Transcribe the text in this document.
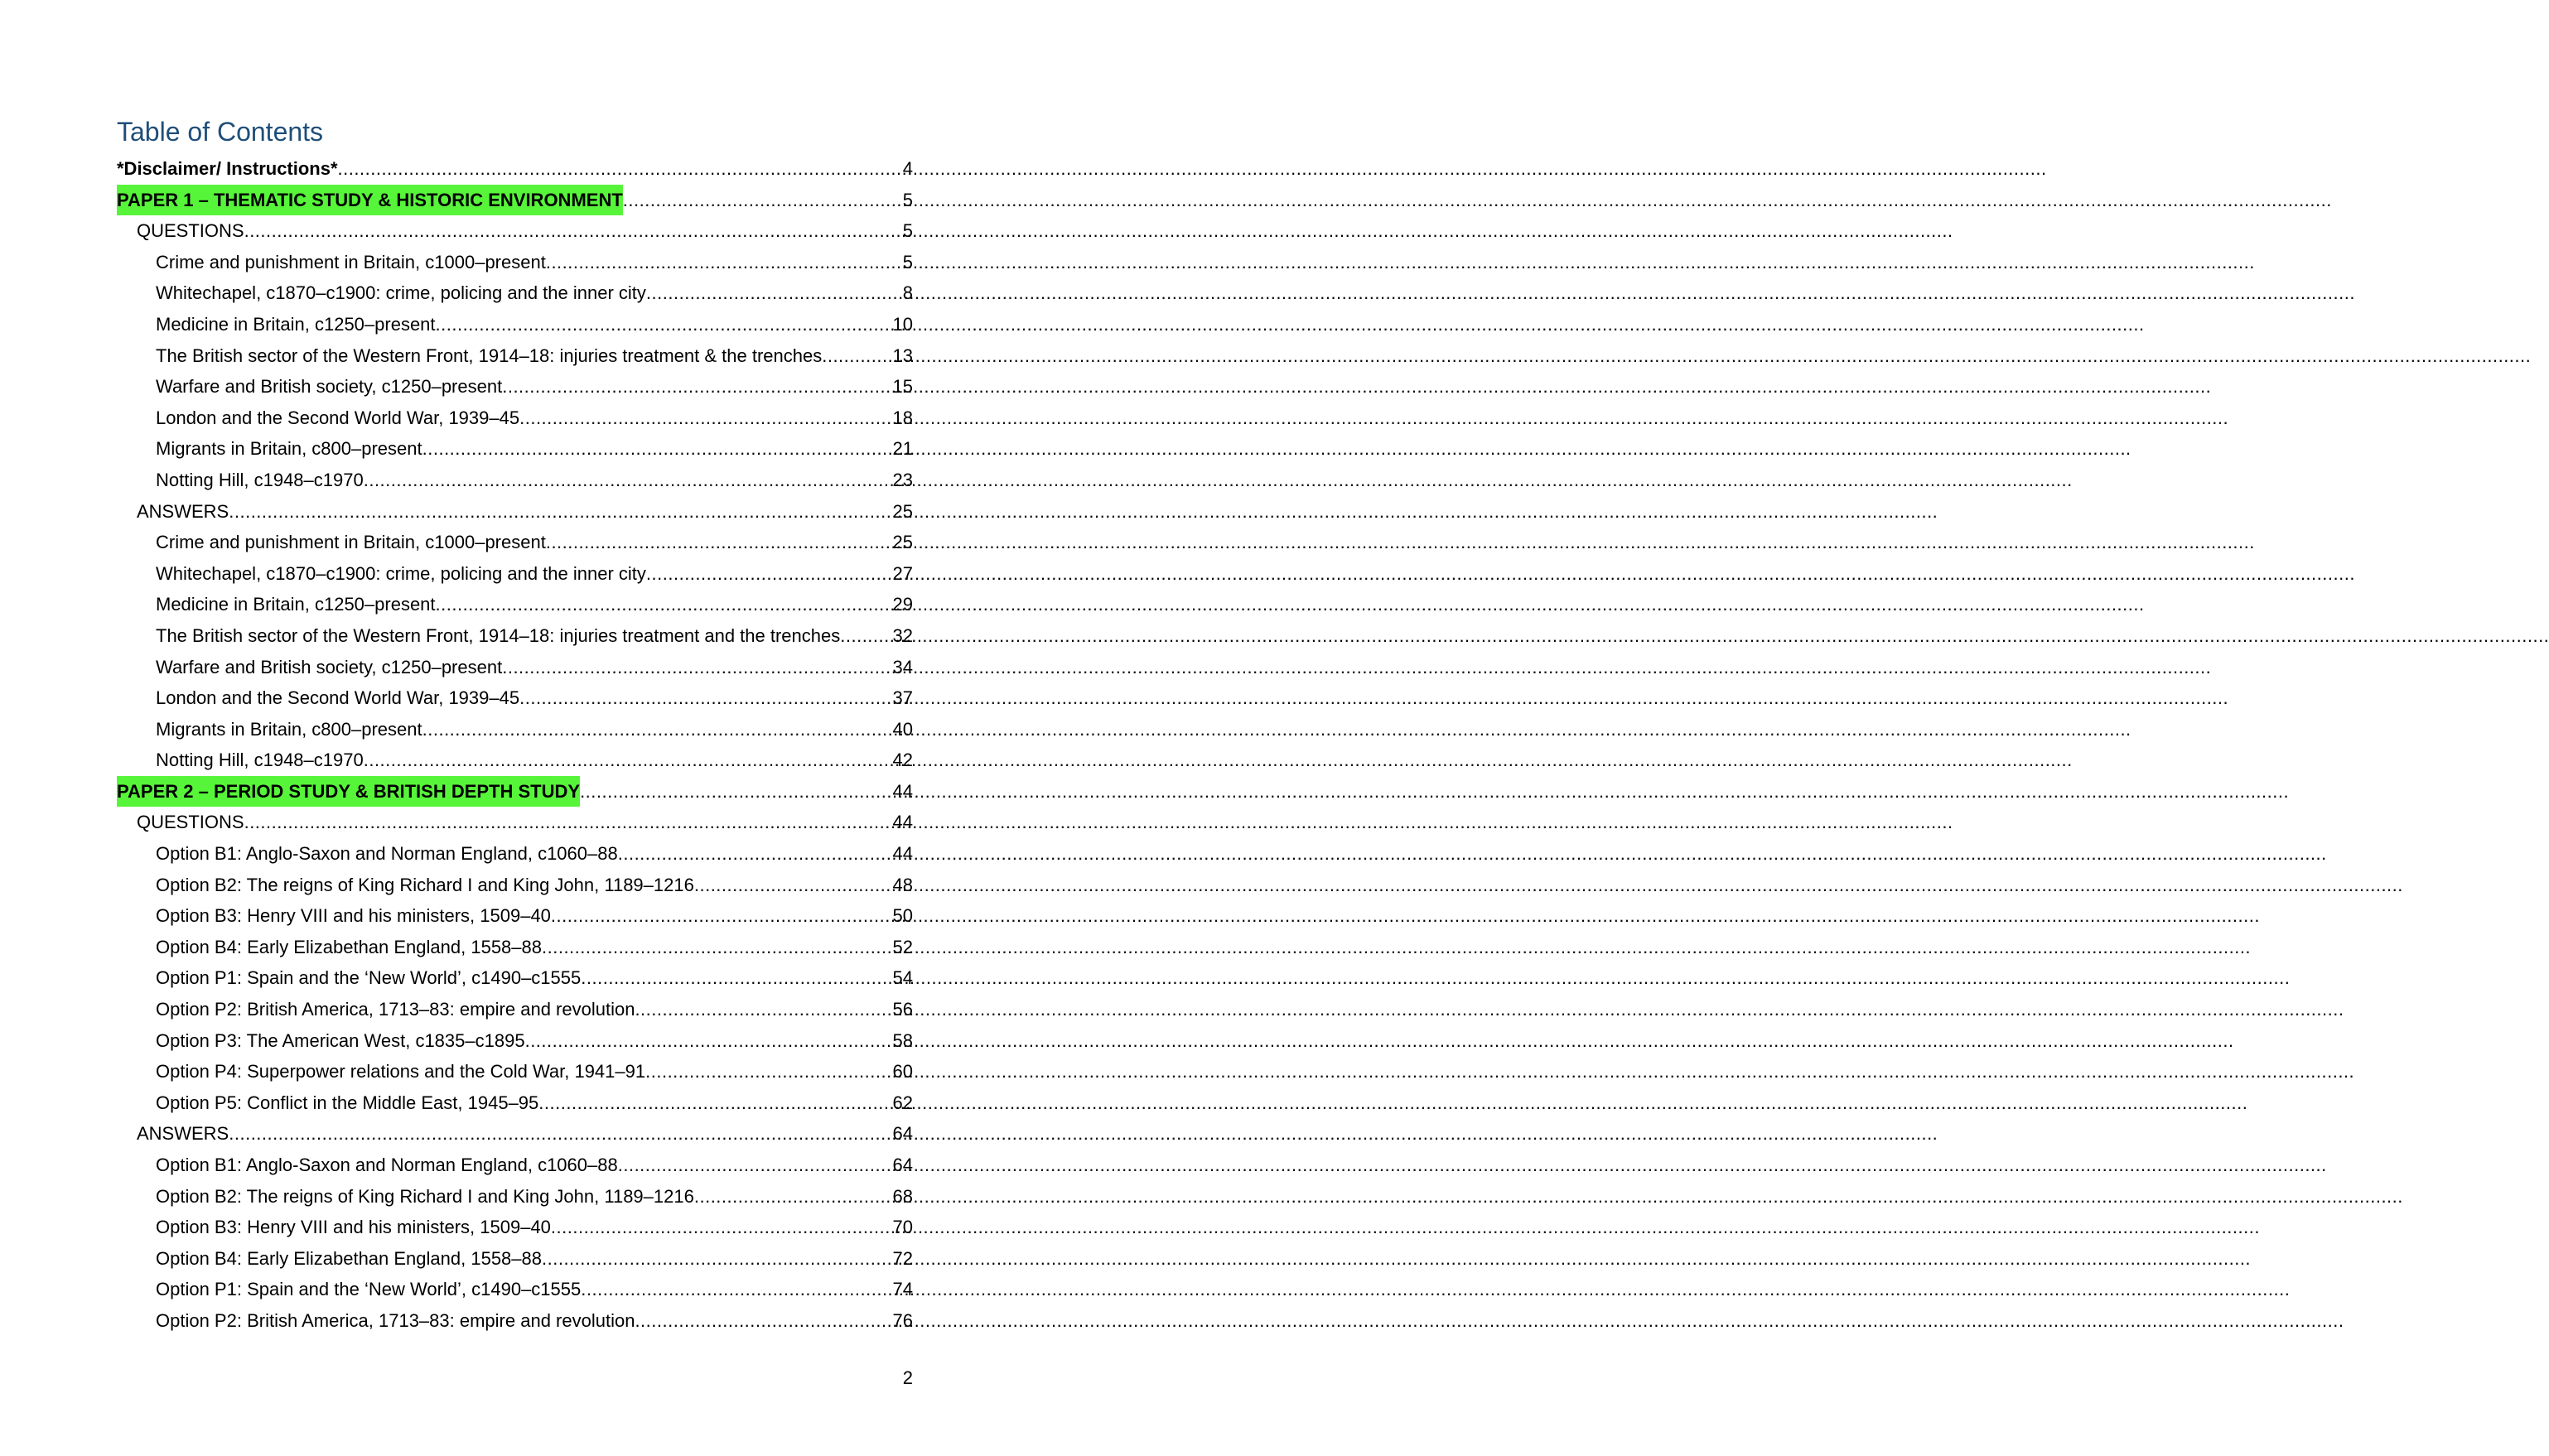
Table of Contents
*Disclaimer/ Instructions* .....	4
PAPER 1 – THEMATIC STUDY & HISTORIC ENVIRONMENT .....	5
QUESTIONS .....	5
Crime and punishment in Britain, c1000–present .....	5
Whitechapel, c1870–c1900: crime, policing and the inner city .....	8
Medicine in Britain, c1250–present .....	10
The British sector of the Western Front, 1914–18: injuries treatment & the trenches .....	13
Warfare and British society, c1250–present .....	15
London and the Second World War, 1939–45 .....	18
Migrants in Britain, c800–present .....	21
Notting Hill, c1948–c1970 .....	23
ANSWERS .....	25
Crime and punishment in Britain, c1000–present .....	25
Whitechapel, c1870–c1900: crime, policing and the inner city .....	27
Medicine in Britain, c1250–present .....	29
The British sector of the Western Front, 1914–18: injuries treatment and the trenches .....	32
Warfare and British society, c1250–present .....	34
London and the Second World War, 1939–45 .....	37
Migrants in Britain, c800–present .....	40
Notting Hill, c1948–c1970 .....	42
PAPER 2 – PERIOD STUDY & BRITISH DEPTH STUDY .....	44
QUESTIONS .....	44
Option B1: Anglo-Saxon and Norman England, c1060–88 .....	44
Option B2: The reigns of King Richard I and King John, 1189–1216 .....	48
Option B3: Henry VIII and his ministers, 1509–40 .....	50
Option B4: Early Elizabethan England, 1558–88 .....	52
Option P1: Spain and the ‘New World’, c1490–c1555 .....	54
Option P2: British America, 1713–83: empire and revolution .....	56
Option P3: The American West, c1835–c1895 .....	58
Option P4: Superpower relations and the Cold War, 1941–91 .....	60
Option P5: Conflict in the Middle East, 1945–95 .....	62
ANSWERS .....	64
Option B1: Anglo-Saxon and Norman England, c1060–88 .....	64
Option B2: The reigns of King Richard I and King John, 1189–1216 .....	68
Option B3: Henry VIII and his ministers, 1509–40 .....	70
Option B4: Early Elizabethan England, 1558–88 .....	72
Option P1: Spain and the ‘New World’, c1490–c1555 .....	74
Option P2: British America, 1713–83: empire and revolution .....	76
2
